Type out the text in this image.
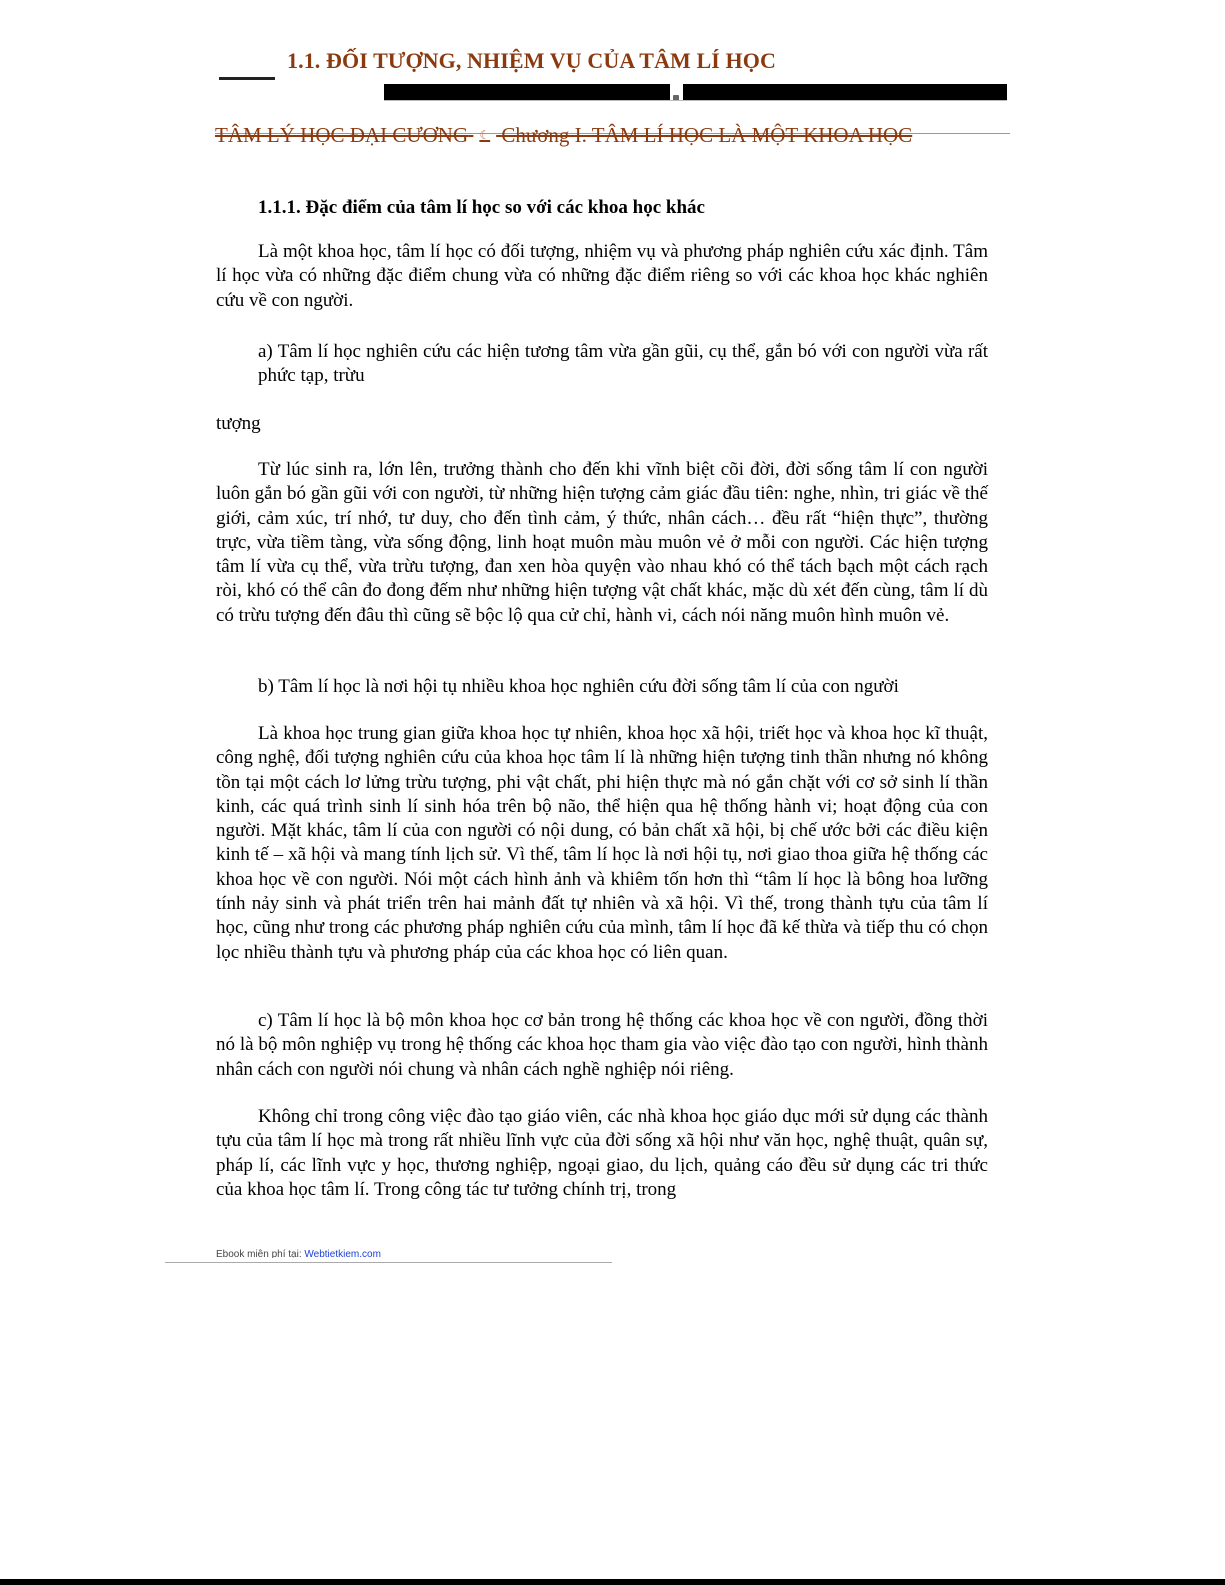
1.1. ĐỐI TƯỢNG, NHIỆM VỤ CỦA TÂM LÍ HỌC
TÂM LÝ HỌC ĐẠI CƯƠNG ☾ Chương I. TÂM LÍ HỌC LÀ MỘT KHOA HỌC
1.1.1. Đặc điểm của tâm lí học so với các khoa học khác

Là một khoa học, tâm lí học có đối tượng, nhiệm vụ và phương pháp nghiên cứu xác định. Tâm lí học vừa có những đặc điểm chung vừa có những đặc điểm riêng so với các khoa học khác nghiên cứu về con người.

a) Tâm lí học nghiên cứu các hiện tương tâm vừa gần gũi, cụ thể, gắn bó với con người vừa rất phức tạp, trừu

tượng

Từ lúc sinh ra, lớn lên, trưởng thành cho đến khi vĩnh biệt cõi đời, đời sống tâm lí con người luôn gắn bó gần gũi với con người, từ những hiện tượng cảm giác đầu tiên: nghe, nhìn, tri giác về thế giới, cảm xúc, trí nhớ, tư duy, cho đến tình cảm, ý thức, nhân cách… đều rất “hiện thực”, thường trực, vừa tiềm tàng, vừa sống động, linh hoạt muôn màu muôn vẻ ở mỗi con người. Các hiện tượng tâm lí vừa cụ thể, vừa trừu tượng, đan xen hòa quyện vào nhau khó có thể tách bạch một cách rạch ròi, khó có thể cân đo đong đếm như những hiện tượng vật chất khác, mặc dù xét đến cùng, tâm lí dù có trừu tượng đến đâu thì cũng sẽ bộc lộ qua cử chỉ, hành vi, cách nói năng muôn hình muôn vẻ.

b) Tâm lí học là nơi hội tụ nhiều khoa học nghiên cứu đời sống tâm lí của con người

Là khoa học trung gian giữa khoa học tự nhiên, khoa học xã hội, triết học và khoa học kĩ thuật, công nghệ, đối tượng nghiên cứu của khoa học tâm lí là những hiện tượng tinh thần nhưng nó không tồn tại một cách lơ lửng trừu tượng, phi vật chất, phi hiện thực mà nó gắn chặt với cơ sở sinh lí thần kinh, các quá trình sinh lí sinh hóa trên bộ não, thể hiện qua hệ thống hành vi; hoạt động của con người. Mặt khác, tâm lí của con người có nội dung, có bản chất xã hội, bị chế ước bởi các điều kiện kinh tế – xã hội và mang tính lịch sử. Vì thế, tâm lí học là nơi hội tụ, nơi giao thoa giữa hệ thống các khoa học về con người. Nói một cách hình ảnh và khiêm tốn hơn thì “tâm lí học là bông hoa lưỡng tính nảy sinh và phát triển trên hai mảnh đất tự nhiên và xã hội. Vì thế, trong thành tựu của tâm lí học, cũng như trong các phương pháp nghiên cứu của mình, tâm lí học đã kế thừa và tiếp thu có chọn lọc nhiều thành tựu và phương pháp của các khoa học có liên quan.

c) Tâm lí học là bộ môn khoa học cơ bản trong hệ thống các khoa học về con người, đồng thời nó là bộ môn nghiệp vụ trong hệ thống các khoa học tham gia vào việc đào tạo con người, hình thành nhân cách con người nói chung và nhân cách nghề nghiệp nói riêng.

Không chỉ trong công việc đào tạo giáo viên, các nhà khoa học giáo dục mới sử dụng các thành tựu của tâm lí học mà trong rất nhiều lĩnh vực của đời sống xã hội như văn học, nghệ thuật, quân sự, pháp lí, các lĩnh vực y học, thương nghiệp, ngoại giao, du lịch, quảng cáo đều sử dụng các tri thức của khoa học tâm lí. Trong công tác tư tưởng chính trị, trong

Ebook miễn phí tại: Webtietkiem.com
